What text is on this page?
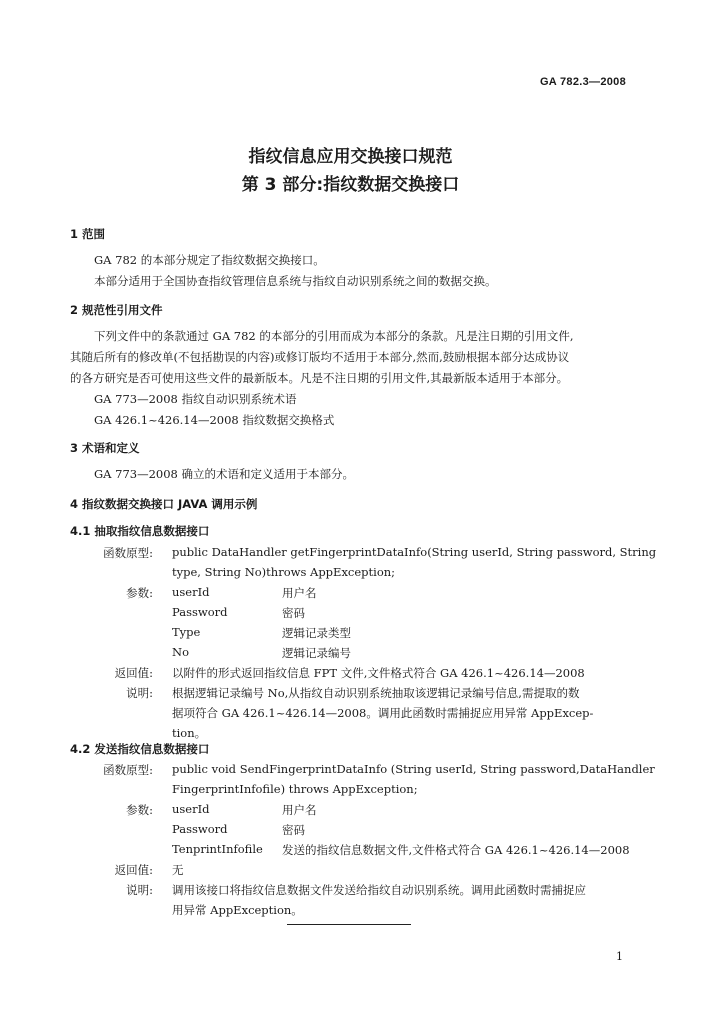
GA 782.3—2008
指纹信息应用交换接口规范
第 3 部分:指纹数据交换接口
1 范围
GA 782 的本部分规定了指纹数据交换接口。
本部分适用于全国协查指纹管理信息系统与指纹自动识别系统之间的数据交换。
2 规范性引用文件
下列文件中的条款通过 GA 782 的本部分的引用而成为本部分的条款。凡是注日期的引用文件,
其随后所有的修改单(不包括勘误的内容)或修订版均不适用于本部分,然而,鼓励根据本部分达成协议
的各方研究是否可使用这些文件的最新版本。凡是不注日期的引用文件,其最新版本适用于本部分。
GA 773—2008 指纹自动识别系统术语
GA 426.1~426.14—2008 指纹数据交换格式
3 术语和定义
GA 773—2008 确立的术语和定义适用于本部分。
4 指纹数据交换接口 JAVA 调用示例
4.1 抽取指纹信息数据接口
函数原型: public DataHandler getFingerprintDataInfo(String userId, String password, String
type, String No)throws AppException;
参数: userId	用户名
Password	密码
Type	逻辑记录类型
No	逻辑记录编号
返回值: 以附件的形式返回指纹信息 FPT 文件,文件格式符合 GA 426.1~426.14—2008
说明: 根据逻辑记录编号 No,从指纹自动识别系统抽取该逻辑记录编号信息,需提取的数
据项符合 GA 426.1~426.14—2008。调用此函数时需捕捉应用异常 AppExcep-
tion。
4.2 发送指纹信息数据接口
函数原型: public void SendFingerprintDataInfo (String userId, String password,DataHandler
FingerprintInfofile) throws AppException;
参数: userId	用户名
Password	密码
TenprintInfofile 发送的指纹信息数据文件,文件格式符合 GA 426.1~426.14—2008
返回值: 无
说明: 调用该接口将指纹信息数据文件发送给指纹自动识别系统。调用此函数时需捕捉应
用异常 AppException。
1
